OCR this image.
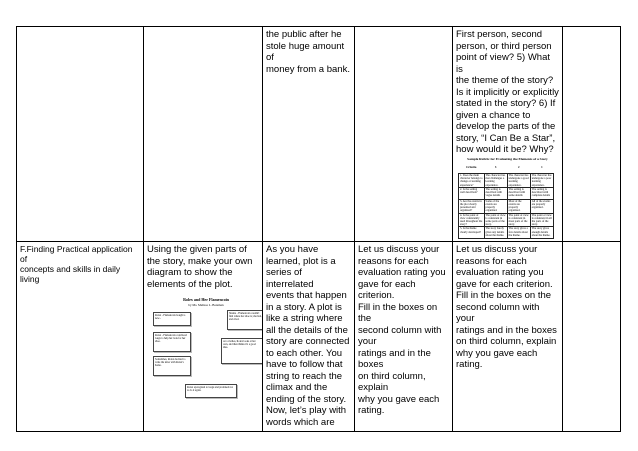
the public after he
stole huge amount of
money from a bank.

First person, second
person, or third person
point of view? 5) What is
the theme of the story?
Is it implicitly or explicitly
stated in the story? 6) If
given a chance to
develop the parts of the
story, “I Can Be a Star”,
how would it be? Why?
Sample Rubric for Evaluating the Elements of a Story
Criteria	3	2	1
1. Does the main character belongs to change or learning experience?	The character has met challenges a learning experience.	The character has undergone a good learning experience.	The character has undergone a poor learning experience.
2. Is the setting well described?	The setting is described with vague details	The setting is described with some details	The setting is described with complete details
3. Are the events in the plot clearly presented and organized?	Some of the events are properly organized.	Most of the events are properly organized.	All of the events are properly organized.
4. Is the point of view consistently used throughout the story?	The point of view is consistent in some parts of the story.	The point of view is consistent in most parts of the story.	The point of view is consistent in all the parts of the story.
5. Is the theme clearly developed?	The story barely gives any details about the theme.	The story gives a few details about the theme.	The story gives enough details about the theme.

F.Finding Practical application of
concepts and skills in daily living

Using the given parts of
the story, make your own
diagram to show the
elements of the plot.
Rolex and Her Flamencoin
by Ms. Melissa L. Bateman
Rolex - Flamencoin bought a new...
Shaina - Flamencoin couldn't find where her shoe is; she had, and cried.
Rolex - Flamencoin convinced Gugu to help her look for her shoe.	At a clothes, Rolex looks at her own, and then thinks it's a good idea.
Sometimes, Rolex decided to write the letter with Rolex's home.
Rolex apologized to Gugu and promised not to do it again.

As you have
learned, plot is a
series of interrelated
events that happen
in a story. A plot is
like a string where
all the details of the
story are connected
to each other. You
have to follow that
string to reach the
climax and the
ending of the story.
Now, let’s play with
words which are

Let us discuss your
reasons for each
evaluation rating you
gave for each criterion.
Fill in the boxes on the
second column with your
ratings and in the boxes
on third column, explain
why you gave each
rating.

Let us discuss your
reasons for each
evaluation rating you
gave for each criterion.
Fill in the boxes on the
second column with your
ratings and in the boxes
on third column, explain
why you gave each
rating.
